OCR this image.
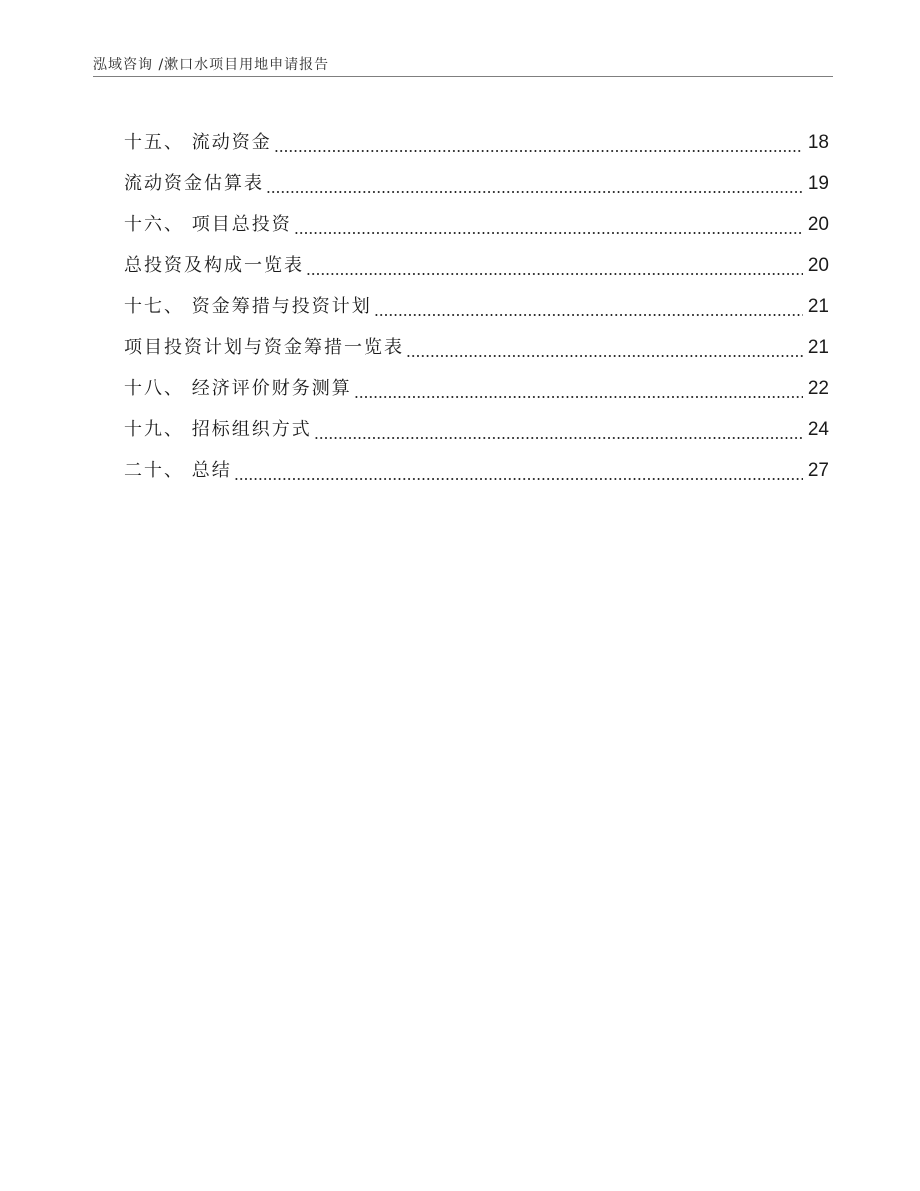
泓域咨询 /漱口水项目用地申请报告
十五、 流动资金	18
流动资金估算表	19
十六、 项目总投资	20
总投资及构成一览表	20
十七、 资金筹措与投资计划	21
项目投资计划与资金筹措一览表	21
十八、 经济评价财务测算	22
十九、 招标组织方式	24
二十、 总结	27
